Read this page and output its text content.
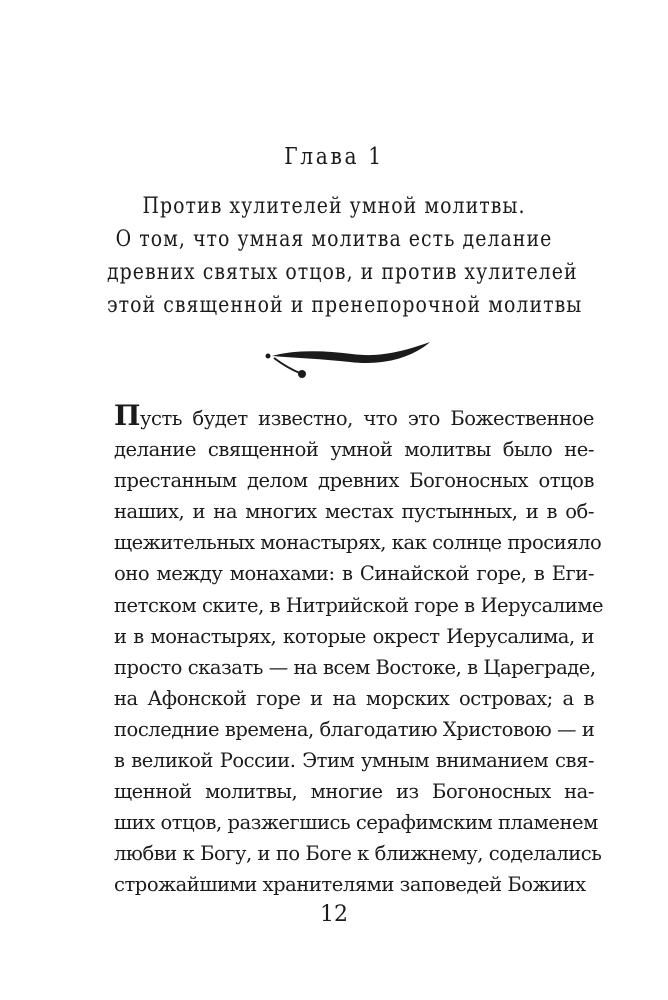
Глава 1
Против хулителей умной молитвы.
О том, что умная молитва есть делание
древних святых отцов, и против хулителей
этой священной и пренепорочной молитвы
Пусть будет известно, что это Божественное
делание священной умной молитвы было не-
престанным делом древних Богоносных отцов
наших, и на многих местах пустынных, и в об-
щежительных монастырях, как солнце просияло
оно между монахами: в Синайской горе, в Еги-
петском ските, в Нитрийской горе в Иерусалиме
и в монастырях, которые окрест Иерусалима, и
просто сказать — на всем Востоке, в Цареграде,
на Афонской горе и на морских островах; а в
последние времена, благодатию Христовою — и
в великой России. Этим умным вниманием свя-
щенной молитвы, многие из Богоносных на-
ших отцов, разжегшись серафимским пламенем
любви к Богу, и по Боге к ближнему, соделались
строжайшими хранителями заповедей Божиих
12
